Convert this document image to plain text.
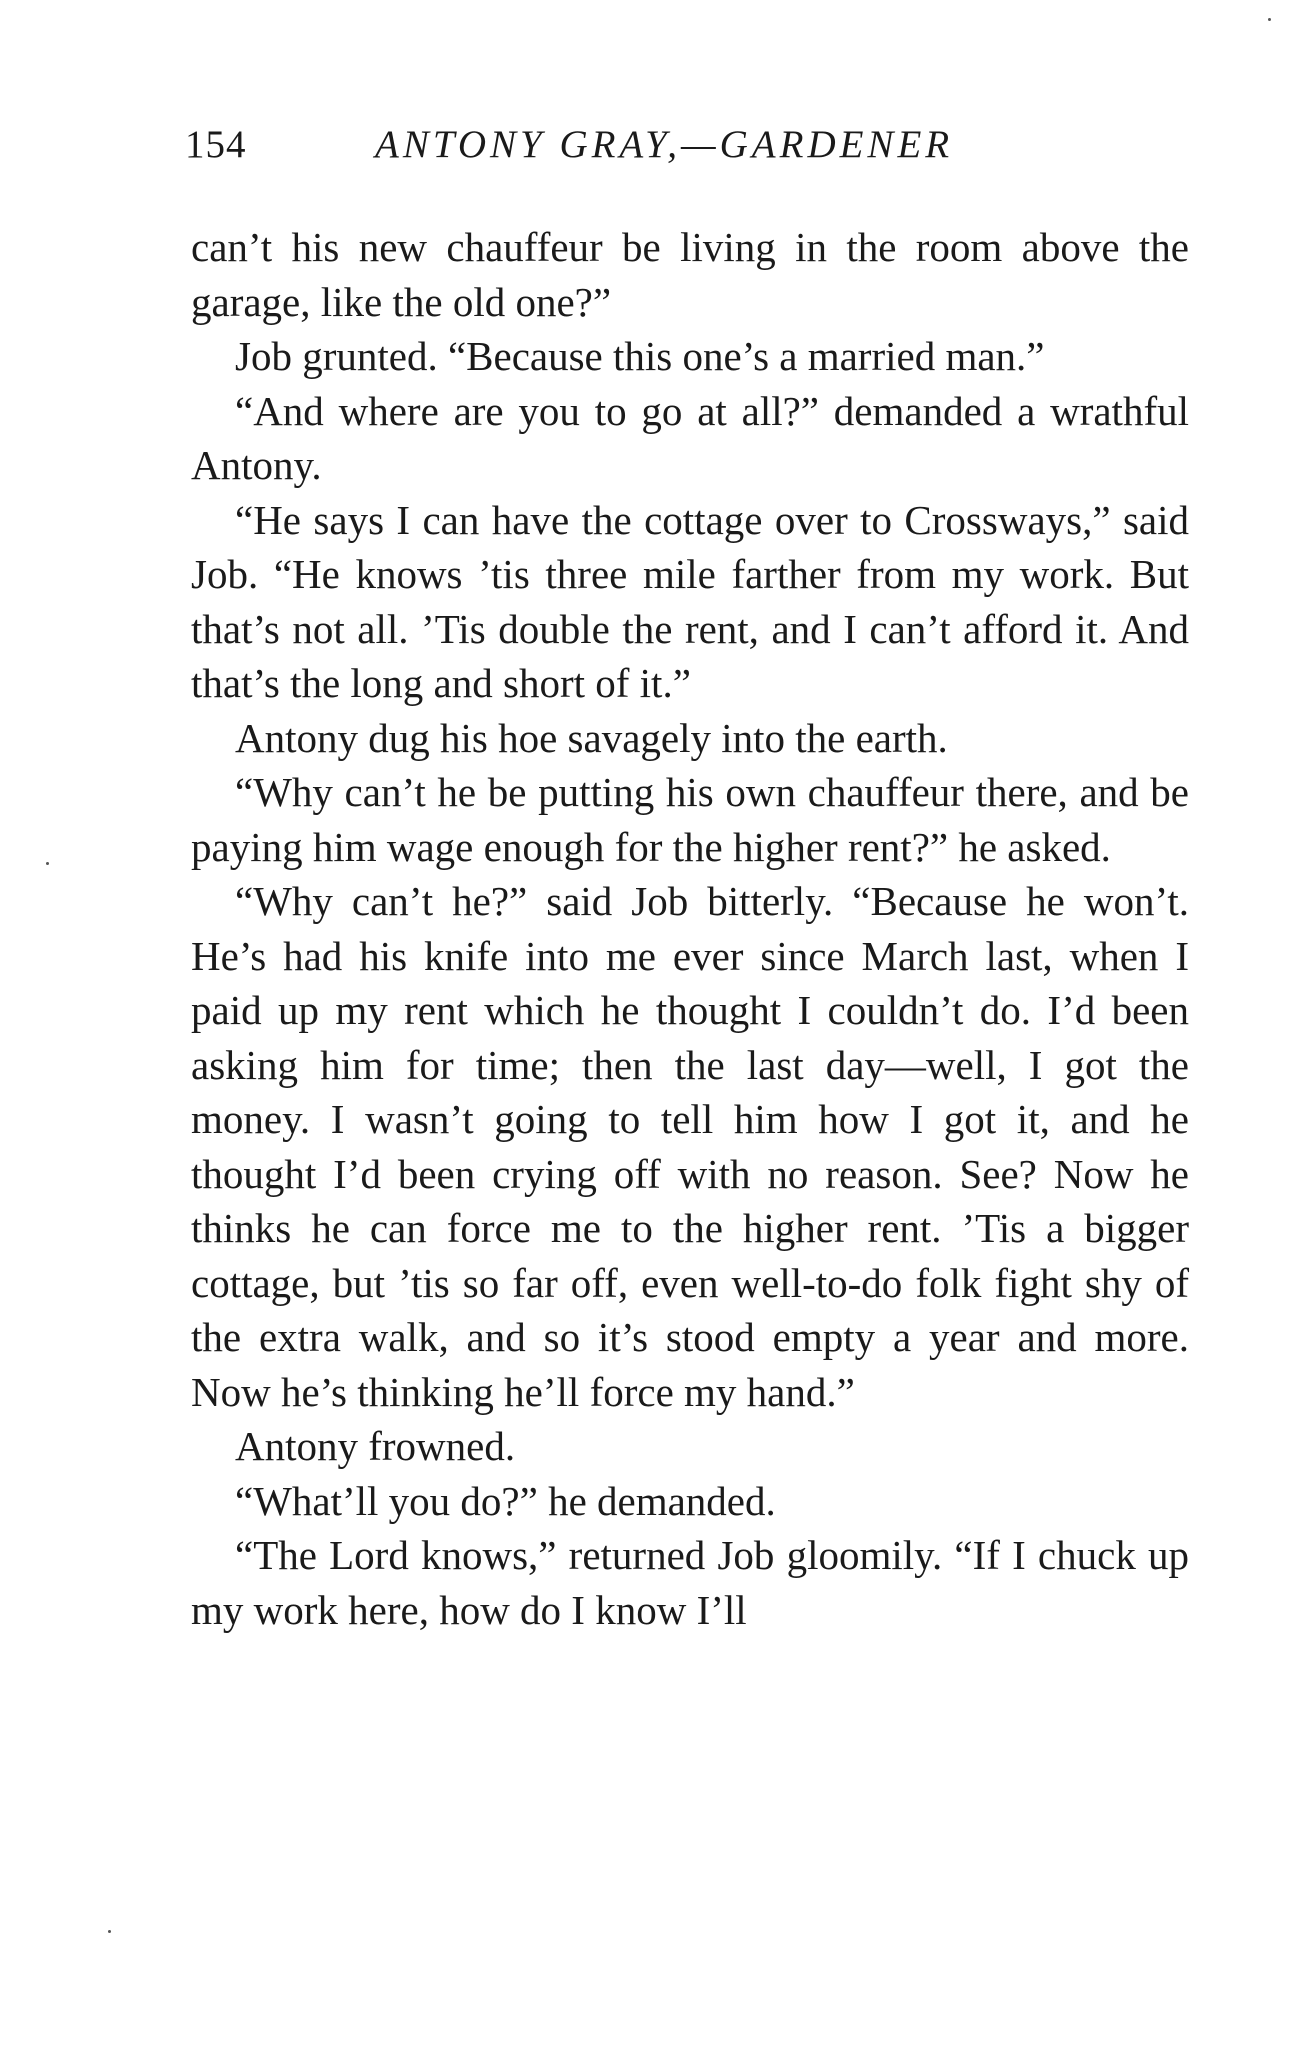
154	ANTONY GRAY,—GARDENER

can’t his new chauffeur be living in the room above the garage, like the old one?”

Job grunted. “Because this one’s a married man.”

“And where are you to go at all?” demanded a wrathful Antony.

“He says I can have the cottage over to Crossways,” said Job. “He knows ’tis three mile farther from my work. But that’s not all. ’Tis double the rent, and I can’t afford it. And that’s the long and short of it.”

Antony dug his hoe savagely into the earth.

“Why can’t he be putting his own chauffeur there, and be paying him wage enough for the higher rent?” he asked.

“Why can’t he?” said Job bitterly. “Because he won’t. He’s had his knife into me ever since March last, when I paid up my rent which he thought I couldn’t do. I’d been asking him for time; then the last day—well, I got the money. I wasn’t going to tell him how I got it, and he thought I’d been crying off with no reason. See? Now he thinks he can force me to the higher rent. ’Tis a bigger cottage, but ’tis so far off, even well-to-do folk fight shy of the extra walk, and so it’s stood empty a year and more. Now he’s thinking he’ll force my hand.”

Antony frowned.

“What’ll you do?” he demanded.

“The Lord knows,” returned Job gloomily. “If I chuck up my work here, how do I know I’ll
